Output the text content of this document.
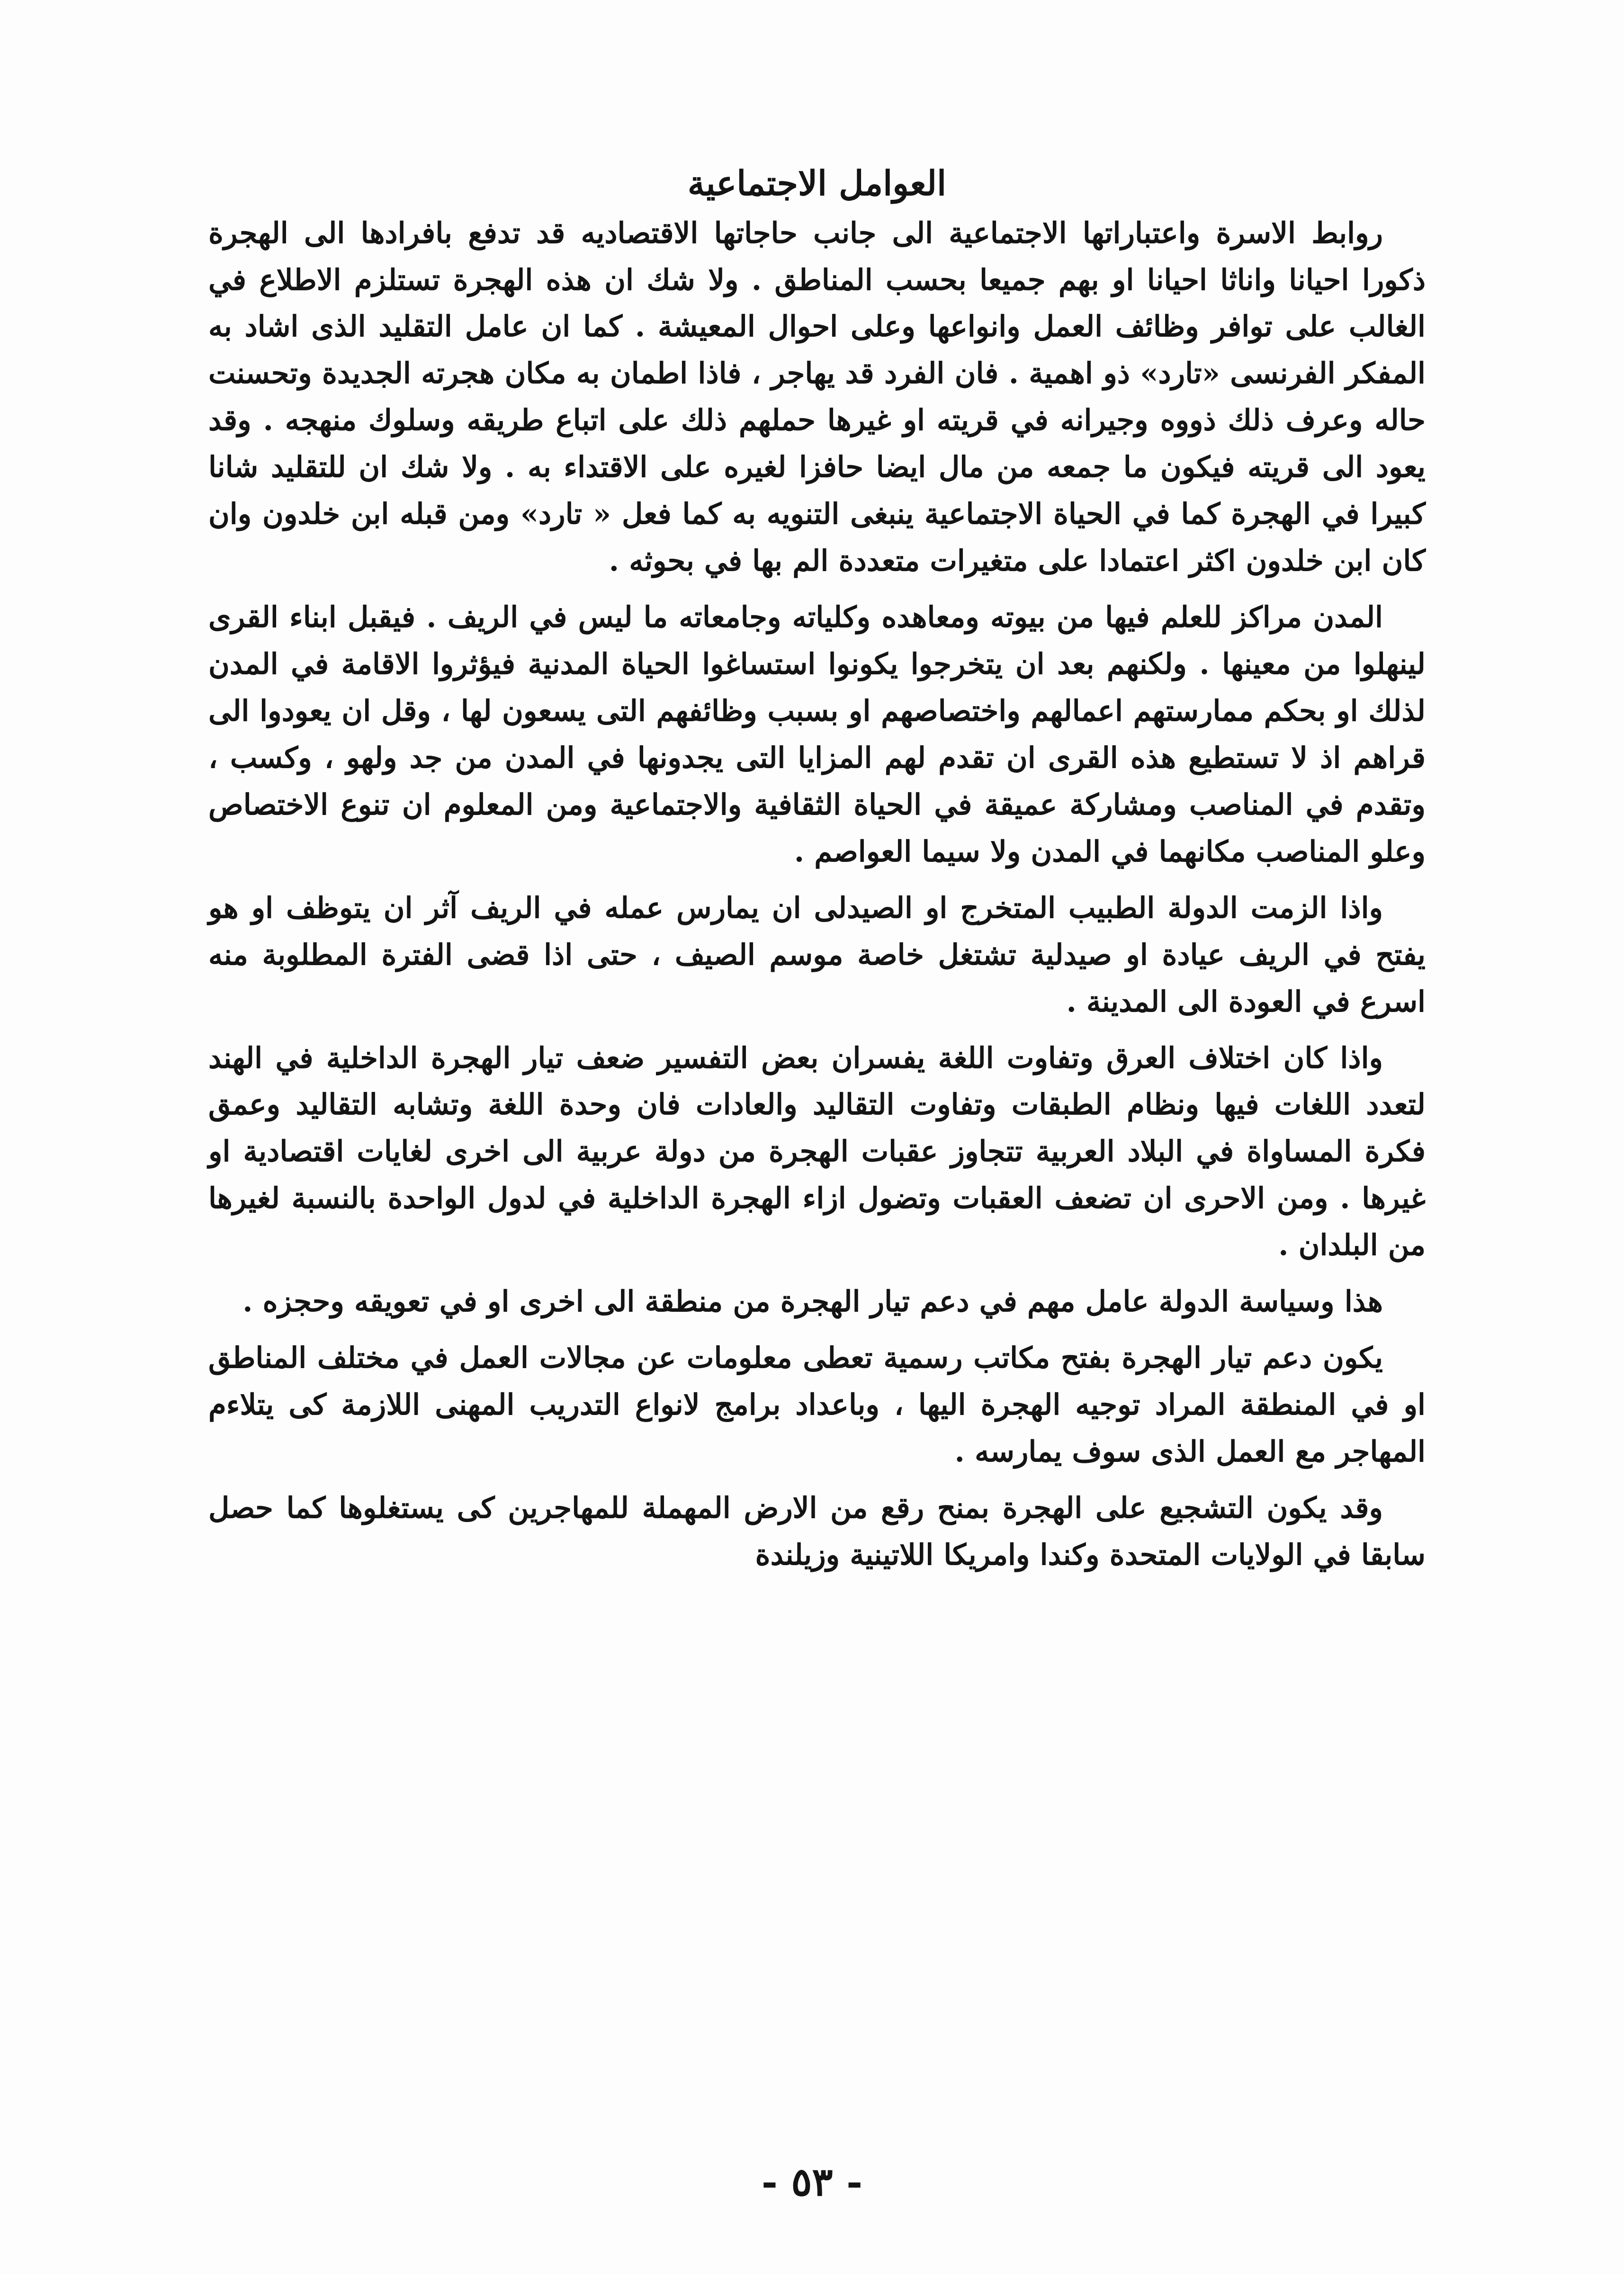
العوامل الاجتماعية

روابط الاسرة واعتباراتها الاجتماعية الى جانب حاجاتها الاقتصاديه قد تدفع بافرادها الى الهجرة ذكورا احيانا واناثا احيانا او بهم جميعا بحسب المناطق . ولا شك ان هذه الهجرة تستلزم الاطلاع في الغالب على توافر وظائف العمل وانواعها وعلى احوال المعيشة . كما ان عامل التقليد الذى اشاد به المفكر الفرنسى «تارد» ذو اهمية . فان الفرد قد يهاجر ، فاذا اطمان به مكان هجرته الجديدة وتحسنت حاله وعرف ذلك ذووه وجيرانه في قريته او غيرها حملهم ذلك على اتباع طريقه وسلوك منهجه . وقد يعود الى قريته فيكون ما جمعه من مال ايضا حافزا لغيره على الاقتداء به . ولا شك ان للتقليد شانا كبيرا في الهجرة كما في الحياة الاجتماعية ينبغى التنويه به كما فعل « تارد» ومن قبله ابن خلدون وان كان ابن خلدون اكثر اعتمادا على متغيرات متعددة الم بها في بحوثه .

المدن مراكز للعلم فيها من بيوته ومعاهده وكلياته وجامعاته ما ليس في الريف . فيقبل ابناء القرى لينهلوا من معينها . ولكنهم بعد ان يتخرجوا يكونوا استساغوا الحياة المدنية فيؤثروا الاقامة في المدن لذلك او بحكم ممارستهم اعمالهم واختصاصهم او بسبب وظائفهم التى يسعون لها ، وقل ان يعودوا الى قراهم اذ لا تستطيع هذه القرى ان تقدم لهم المزايا التى يجدونها في المدن من جد ولهو ، وكسب ، وتقدم في المناصب ومشاركة عميقة في الحياة الثقافية والاجتماعية ومن المعلوم ان تنوع الاختصاص وعلو المناصب مكانهما في المدن ولا سيما العواصم .

واذا الزمت الدولة الطبيب المتخرج او الصيدلى ان يمارس عمله في الريف آثر ان يتوظف او هو يفتح في الريف عيادة او صيدلية تشتغل خاصة موسم الصيف ، حتى اذا قضى الفترة المطلوبة منه اسرع في العودة الى المدينة .

واذا كان اختلاف العرق وتفاوت اللغة يفسران بعض التفسير ضعف تيار الهجرة الداخلية في الهند لتعدد اللغات فيها ونظام الطبقات وتفاوت التقاليد والعادات فان وحدة اللغة وتشابه التقاليد وعمق فكرة المساواة في البلاد العربية تتجاوز عقبات الهجرة من دولة عربية الى اخرى لغايات اقتصادية او غيرها . ومن الاحرى ان تضعف العقبات وتضول ازاء الهجرة الداخلية في لدول الواحدة بالنسبة لغيرها من البلدان .

هذا وسياسة الدولة عامل مهم في دعم تيار الهجرة من منطقة الى اخرى او في تعويقه وحجزه .

يكون دعم تيار الهجرة بفتح مكاتب رسمية تعطى معلومات عن مجالات العمل في مختلف المناطق او في المنطقة المراد توجيه الهجرة اليها ، وباعداد برامج لانواع التدريب المهنى اللازمة كى يتلاءم المهاجر مع العمل الذى سوف يمارسه .

وقد يكون التشجيع على الهجرة بمنح رقع من الارض المهملة للمهاجرين كى يستغلوها كما حصل سابقا في الولايات المتحدة وكندا وامريكا اللاتينية وزيلندة

- ٥٣ -
